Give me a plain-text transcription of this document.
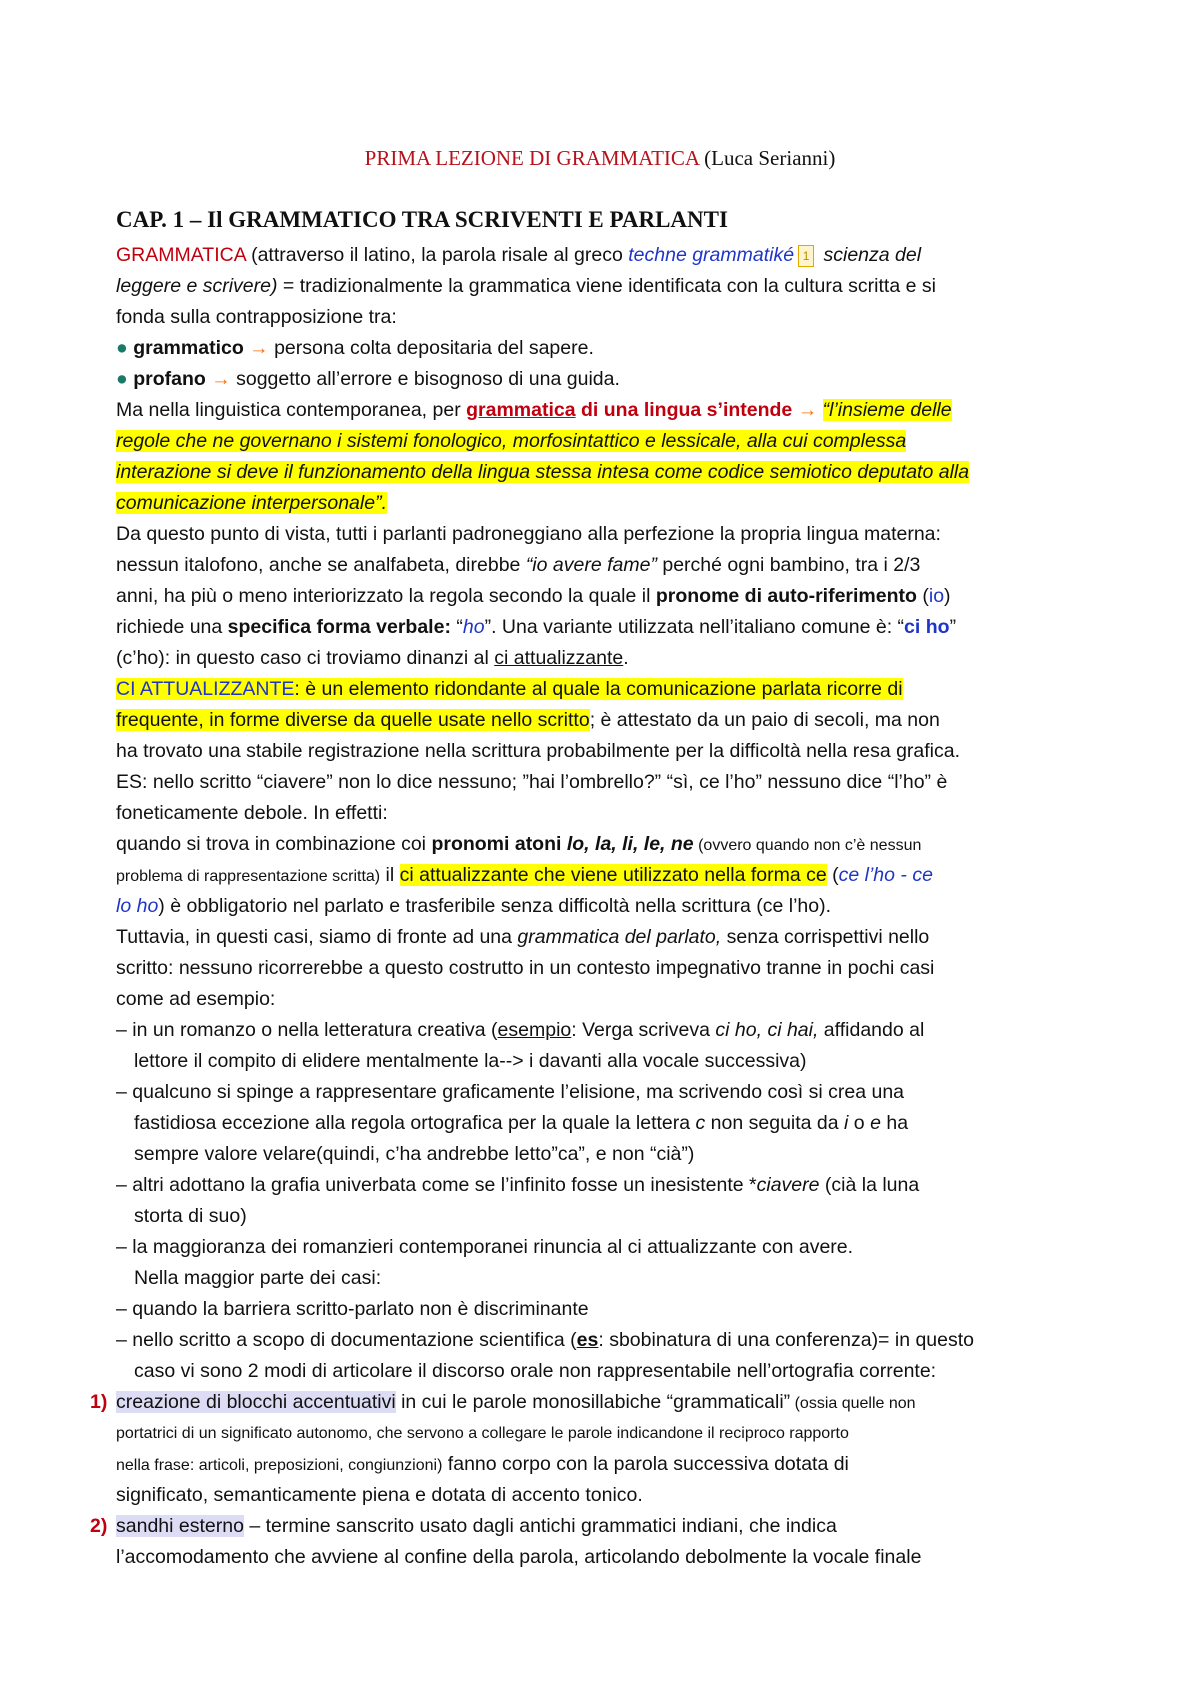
PRIMA LEZIONE DI GRAMMATICA (Luca Serianni)
CAP. 1 – Il GRAMMATICO TRA SCRIVENTI E PARLANTI
GRAMMATICA (attraverso il latino, la parola risale al greco techne grammatiké 1 scienza del
leggere e scrivere) = tradizionalmente la grammatica viene identificata con la cultura scritta e si
fonda sulla contrapposizione tra:
● grammatico → persona colta depositaria del sapere.
● profano → soggetto all’errore e bisognoso di una guida.
Ma nella linguistica contemporanea, per grammatica di una lingua s’intende → “l’insieme delle
regole che ne governano i sistemi fonologico, morfosintattico e lessicale, alla cui complessa
interazione si deve il funzionamento della lingua stessa intesa come codice semiotico deputato alla
comunicazione interpersonale”.
Da questo punto di vista, tutti i parlanti padroneggiano alla perfezione la propria lingua materna:
nessun italofono, anche se analfabeta, direbbe “io avere fame” perché ogni bambino, tra i 2/3
anni, ha più o meno interiorizzato la regola secondo la quale il pronome di auto-riferimento (io)
richiede una specifica forma verbale: “ho”. Una variante utilizzata nell’italiano comune è: “ci ho”
(c’ho): in questo caso ci troviamo dinanzi al ci attualizzante.
CI ATTUALIZZANTE: è un elemento ridondante al quale la comunicazione parlata ricorre di
frequente, in forme diverse da quelle usate nello scritto; è attestato da un paio di secoli, ma non
ha trovato una stabile registrazione nella scrittura probabilmente per la difficoltà nella resa grafica.
ES: nello scritto “ciavere” non lo dice nessuno; ”hai l’ombrello?” “sì, ce l’ho” nessuno dice “l’ho” è
foneticamente debole. In effetti:
quando si trova in combinazione coi pronomi atoni lo, la, li, le, ne (ovvero quando non c’è nessun
problema di rappresentazione scritta) il ci attualizzante che viene utilizzato nella forma ce (ce l’ho - ce
lo ho) è obbligatorio nel parlato e trasferibile senza difficoltà nella scrittura (ce l’ho).
Tuttavia, in questi casi, siamo di fronte ad una grammatica del parlato, senza corrispettivi nello
scritto: nessuno ricorrerebbe a questo costrutto in un contesto impegnativo tranne in pochi casi
come ad esempio:
– in un romanzo o nella letteratura creativa (esempio: Verga scriveva ci ho, ci hai, affidando al
lettore il compito di elidere mentalmente la--> i davanti alla vocale successiva)
– qualcuno si spinge a rappresentare graficamente l’elisione, ma scrivendo così si crea una
fastidiosa eccezione alla regola ortografica per la quale la lettera c non seguita da i o e ha
sempre valore velare(quindi, c’ha andrebbe letto”ca”, e non “cià”)
– altri adottano la grafia univerbata come se l’infinito fosse un inesistente *ciavere (cià la luna
storta di suo)
– la maggioranza dei romanzieri contemporanei rinuncia al ci attualizzante con avere.
Nella maggior parte dei casi:
– quando la barriera scritto-parlato non è discriminante
– nello scritto a scopo di documentazione scientifica (es: sbobinatura di una conferenza)= in questo
caso vi sono 2 modi di articolare il discorso orale non rappresentabile nell’ortografia corrente:
1) creazione di blocchi accentuativi in cui le parole monosillabiche “grammaticali” (ossia quelle non
portatrici di un significato autonomo, che servono a collegare le parole indicandone il reciproco rapporto
nella frase: articoli, preposizioni, congiunzioni) fanno corpo con la parola successiva dotata di
significato, semanticamente piena e dotata di accento tonico.
2) sandhi esterno – termine sanscrito usato dagli antichi grammatici indiani, che indica
l’accomodamento che avviene al confine della parola, articolando debolmente la vocale finale
